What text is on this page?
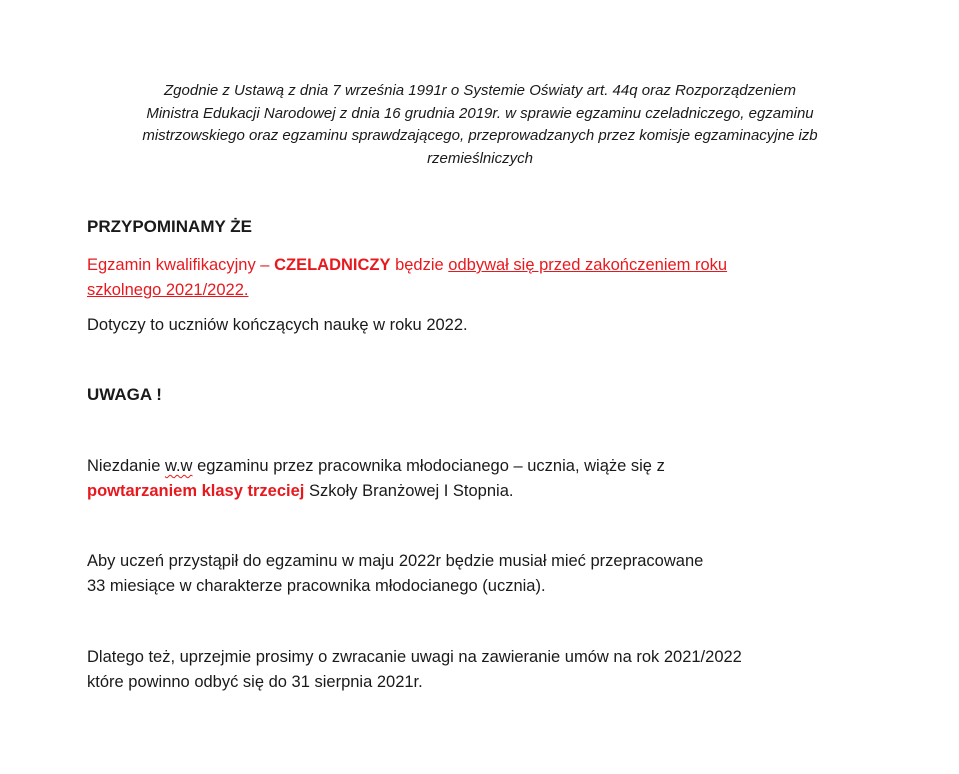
Zgodnie z Ustawą z dnia 7 września 1991r o Systemie Oświaty art. 44q oraz Rozporządzeniem
Ministra Edukacji Narodowej z dnia 16 grudnia 2019r. w sprawie egzaminu czeladniczego, egzaminu
mistrzowskiego oraz egzaminu sprawdzającego, przeprowadzanych przez komisje egzaminacyjne izb
rzemieślniczych
PRZYPOMINAMY ŻE
Egzamin kwalifikacyjny – CZELADNICZY będzie odbywał się przed zakończeniem roku
szkolnego 2021/2022.
Dotyczy to uczniów kończących naukę w roku 2022.
UWAGA !
Niezdanie w.w egzaminu przez pracownika młodocianego – ucznia, wiąże się z
powtarzaniem klasy trzeciej Szkoły Branżowej I Stopnia.
Aby uczeń przystąpił do egzaminu w maju 2022r będzie musiał mieć przepracowane
33 miesiące w charakterze pracownika młodocianego (ucznia).
Dlatego też, uprzejmie prosimy o zwracanie uwagi na zawieranie umów na rok 2021/2022
które powinno odbyć się do 31 sierpnia 2021r.
